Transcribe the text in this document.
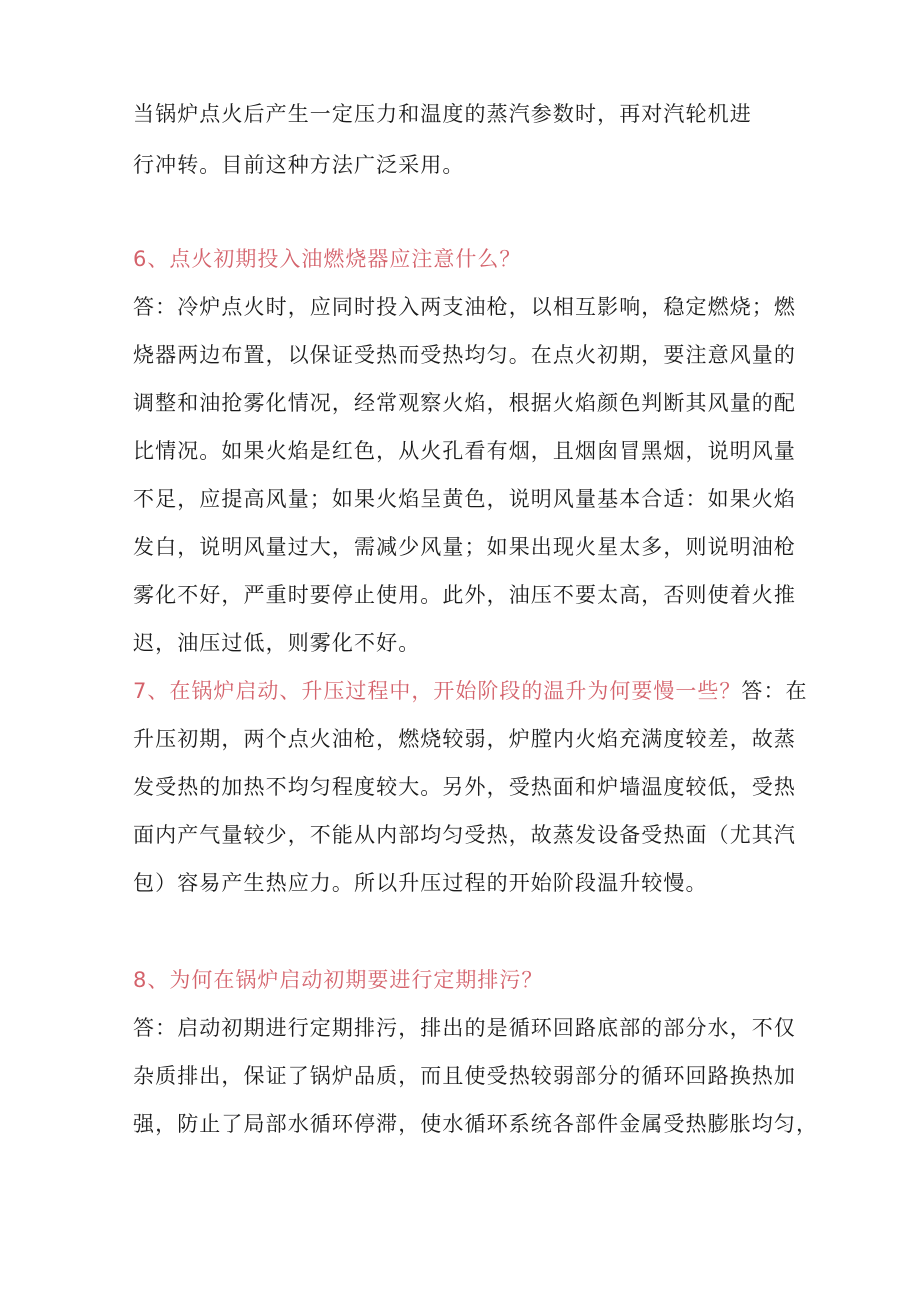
当锅炉点火后产生一定压力和温度的蒸汽参数时，再对汽轮机进
行冲转。目前这种方法广泛采用。
6、点火初期投入油燃烧器应注意什么？
答：冷炉点火时，应同时投入两支油枪，以相互影响，稳定燃烧；燃
烧器两边布置，以保证受热而受热均匀。在点火初期，要注意风量的
调整和油抢雾化情况，经常观察火焰，根据火焰颜色判断其风量的配
比情况。如果火焰是红色，从火孔看有烟，且烟囱冒黑烟，说明风量
不足，应提高风量；如果火焰呈黄色，说明风量基本合适：如果火焰
发白，说明风量过大，需减少风量；如果出现火星太多，则说明油枪
雾化不好，严重时要停止使用。此外，油压不要太高，否则使着火推
迟，油压过低，则雾化不好。
7、在锅炉启动、升压过程中，开始阶段的温升为何要慢一些？答：在
升压初期，两个点火油枪，燃烧较弱，炉膛内火焰充满度较差，故蒸
发受热的加热不均匀程度较大。另外，受热面和炉墙温度较低，受热
面内产气量较少，不能从内部均匀受热，故蒸发设备受热面（尤其汽
包）容易产生热应力。所以升压过程的开始阶段温升较慢。
8、为何在锅炉启动初期要进行定期排污？
答：启动初期进行定期排污，排出的是循环回路底部的部分水，不仅
杂质排出，保证了锅炉品质，而且使受热较弱部分的循环回路换热加
强，防止了局部水循环停滞，使水循环系统各部件金属受热膨胀均匀，
